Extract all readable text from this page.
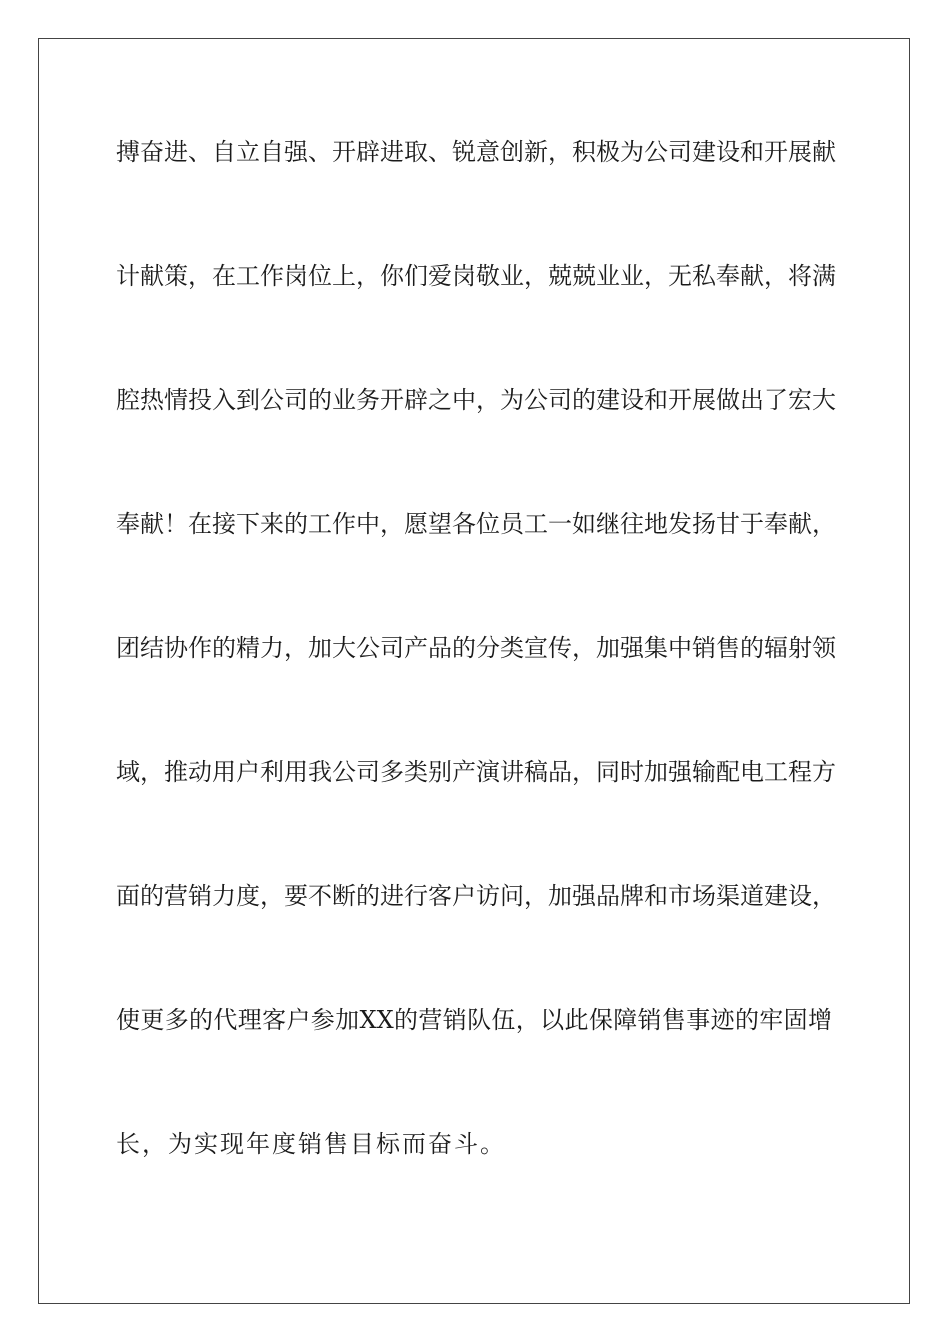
搏奋进、自立自强、开辟进取、锐意创新，积极为公司建设和开展献
计献策，在工作岗位上，你们爱岗敬业，兢兢业业，无私奉献，将满
腔热情投入到公司的业务开辟之中，为公司的建设和开展做出了宏大
奉献！在接下来的工作中，愿望各位员工一如继往地发扬甘于奉献，
团结协作的精力，加大公司产品的分类宣传，加强集中销售的辐射领
域，推动用户利用我公司多类别产演讲稿品，同时加强输配电工程方
面的营销力度，要不断的进行客户访问，加强品牌和市场渠道建设，
使更多的代理客户参加XX的营销队伍，以此保障销售事迹的牢固增
长，为实现年度销售目标而奋斗。
